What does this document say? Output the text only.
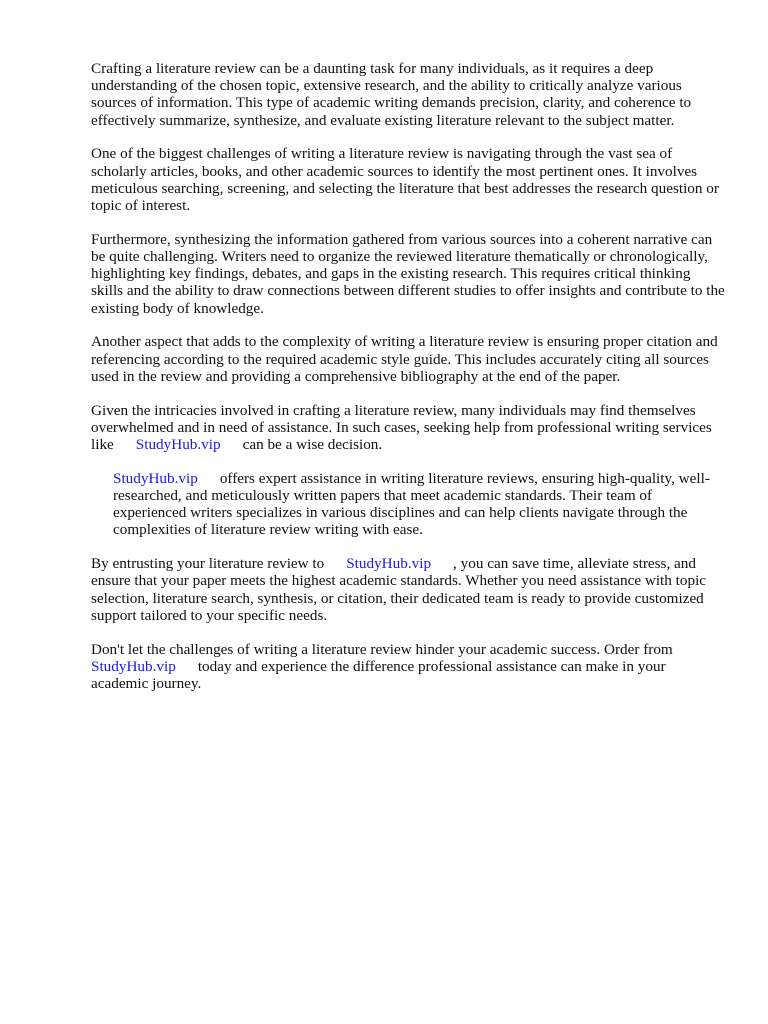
Crafting a literature review can be a daunting task for many individuals, as it requires a deep understanding of the chosen topic, extensive research, and the ability to critically analyze various sources of information. This type of academic writing demands precision, clarity, and coherence to effectively summarize, synthesize, and evaluate existing literature relevant to the subject matter.

One of the biggest challenges of writing a literature review is navigating through the vast sea of scholarly articles, books, and other academic sources to identify the most pertinent ones. It involves meticulous searching, screening, and selecting the literature that best addresses the research question or topic of interest.

Furthermore, synthesizing the information gathered from various sources into a coherent narrative can be quite challenging. Writers need to organize the reviewed literature thematically or chronologically, highlighting key findings, debates, and gaps in the existing research. This requires critical thinking skills and the ability to draw connections between different studies to offer insights and contribute to the existing body of knowledge.

Another aspect that adds to the complexity of writing a literature review is ensuring proper citation and referencing according to the required academic style guide. This includes accurately citing all sources used in the review and providing a comprehensive bibliography at the end of the paper.

Given the intricacies involved in crafting a literature review, many individuals may find themselves overwhelmed and in need of assistance. In such cases, seeking help from professional writing services like StudyHub.vip can be a wise decision.

StudyHub.vip offers expert assistance in writing literature reviews, ensuring high-quality, well-researched, and meticulously written papers that meet academic standards. Their team of experienced writers specializes in various disciplines and can help clients navigate through the complexities of literature review writing with ease.

By entrusting your literature review to StudyHub.vip , you can save time, alleviate stress, and ensure that your paper meets the highest academic standards. Whether you need assistance with topic selection, literature search, synthesis, or citation, their dedicated team is ready to provide customized support tailored to your specific needs.

Don't let the challenges of writing a literature review hinder your academic success. Order from StudyHub.vip today and experience the difference professional assistance can make in your academic journey.
